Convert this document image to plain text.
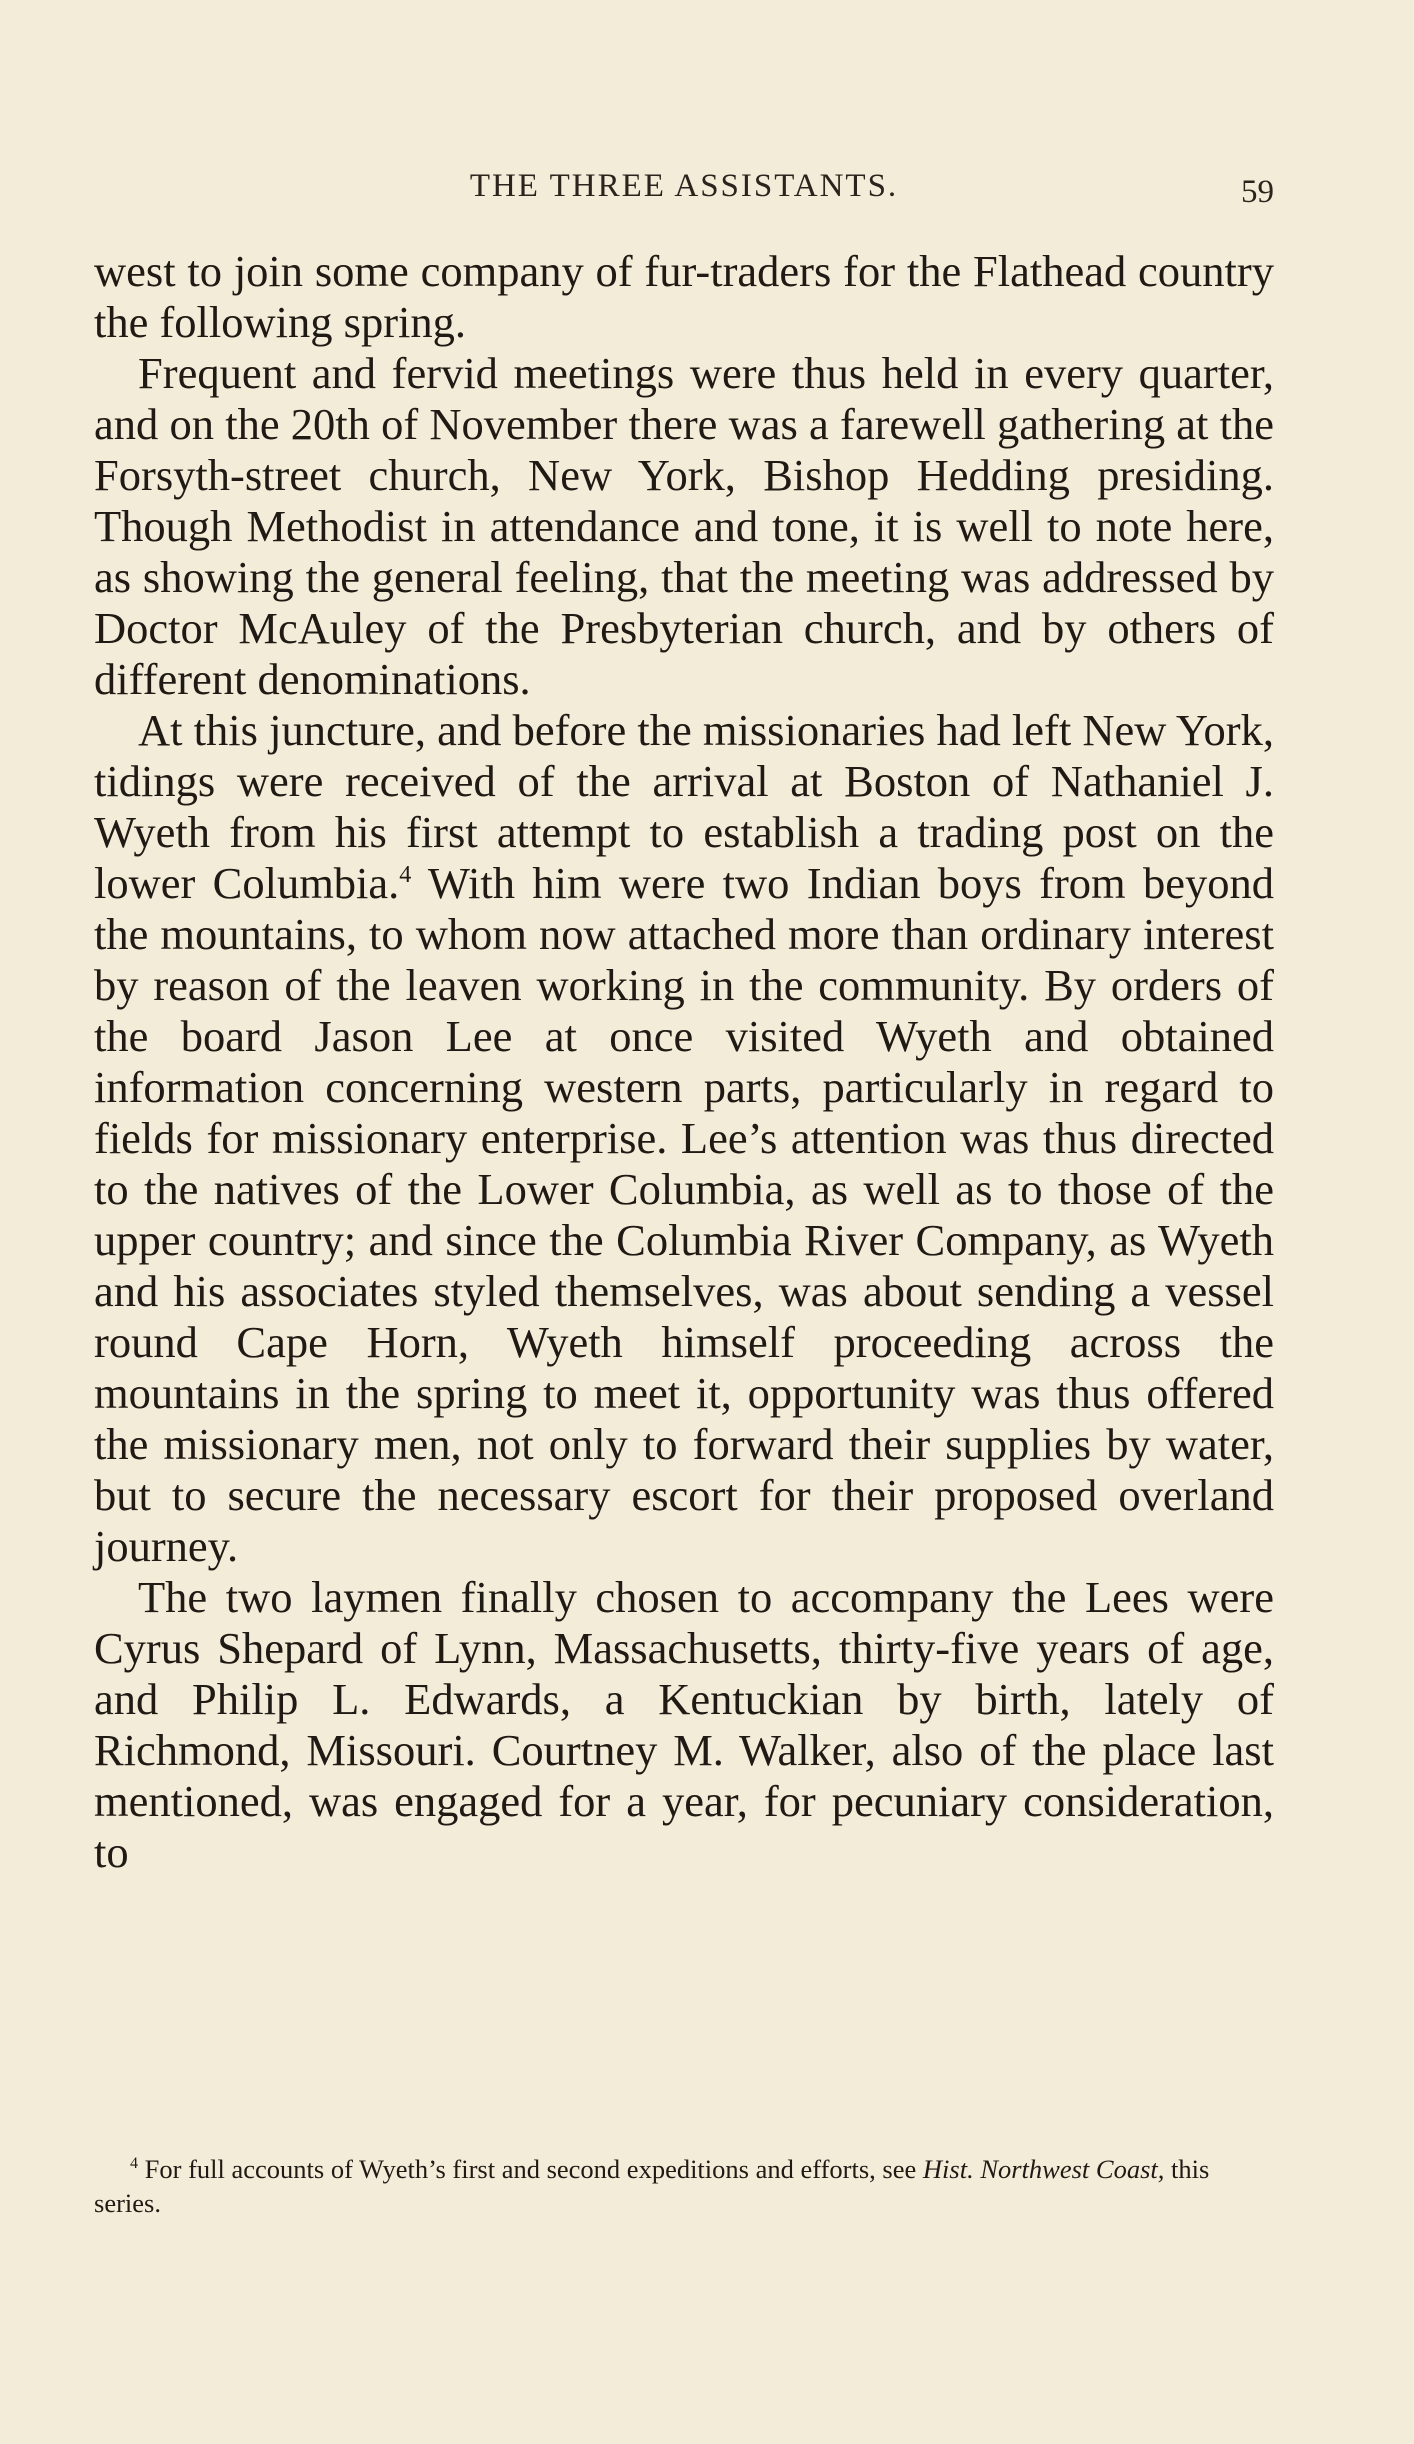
THE THREE ASSISTANTS.	59

west to join some company of fur-traders for the Flathead country the following spring.

Frequent and fervid meetings were thus held in every quarter, and on the 20th of November there was a farewell gathering at the Forsyth-street church, New York, Bishop Hedding presiding. Though Methodist in attendance and tone, it is well to note here, as showing the general feeling, that the meeting was addressed by Doctor McAuley of the Presbyterian church, and by others of different denominations.

At this juncture, and before the missionaries had left New York, tidings were received of the arrival at Boston of Nathaniel J. Wyeth from his first attempt to establish a trading post on the lower Columbia.$^4$ With him were two Indian boys from beyond the mountains, to whom now attached more than ordinary interest by reason of the leaven working in the community. By orders of the board Jason Lee at once visited Wyeth and obtained information concerning western parts, particularly in regard to fields for missionary enterprise. Lee’s attention was thus directed to the natives of the Lower Columbia, as well as to those of the upper country; and since the Columbia River Company, as Wyeth and his associates styled themselves, was about sending a vessel round Cape Horn, Wyeth himself proceeding across the mountains in the spring to meet it, opportunity was thus offered the missionary men, not only to forward their supplies by water, but to secure the necessary escort for their proposed overland journey.

The two laymen finally chosen to accompany the Lees were Cyrus Shepard of Lynn, Massachusetts, thirty-five years of age, and Philip L. Edwards, a Kentuckian by birth, lately of Richmond, Missouri. Courtney M. Walker, also of the place last mentioned, was engaged for a year, for pecuniary consideration, to

$^4$ For full accounts of Wyeth’s first and second expeditions and efforts, see Hist. Northwest Coast, this series.
